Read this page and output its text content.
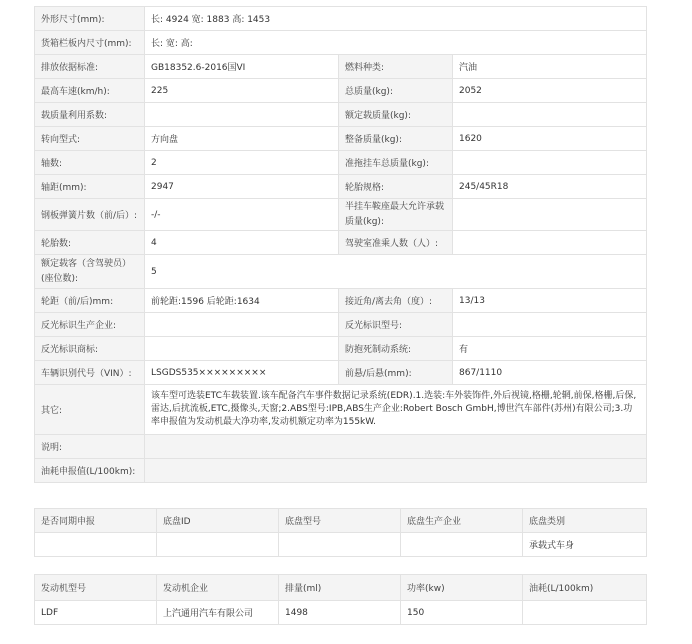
外形尺寸(mm):	长: 4924 宽: 1883 高: 1453		
货箱栏板内尺寸(mm):	长: 宽: 高:		
排放依据标准:	GB18352.6-2016国VI	燃料种类:	汽油
最高车速(km/h):	225	总质量(kg):	2052
载质量利用系数:		额定载质量(kg):	
转向型式:	方向盘	整备质量(kg):	1620
轴数:	2	准拖挂车总质量(kg):	
轴距(mm):	2947	轮胎规格:	245/45R18
钢板弹簧片数（前/后）:	-/-	半挂车鞍座最大允许承载质量(kg):	
轮胎数:	4	驾驶室准乘人数（人）:	
额定载客（含驾驶员）(座位数):	5		
轮距（前/后)mm:	前轮距:1596 后轮距:1634	接近角/离去角（度）:	13/13
反光标识生产企业:		反光标识型号:	
反光标识商标:		防抱死制动系统:	有
车辆识别代号（VIN）:	LSGDS535×××××××××	前悬/后悬(mm):	867/1110
其它:	该车型可选装ETC车载装置.该车配备汽车事件数据记录系统(EDR).1.选装:车外装饰件,外后视镜,格栅,轮辋,前保,格栅,后保,雷达,后扰流板,ETC,摄像头,天窗;2.ABS型号:IPB,ABS生产企业:Robert Bosch GmbH,博世汽车部件(苏州)有限公司;3.功率申报值为发动机最大净功率,发动机额定功率为155kW.		
说明:			
油耗申报值(L/100km):			
是否同期申报	底盘ID	底盘型号	底盘生产企业	底盘类别
				承载式车身
发动机型号	发动机企业	排量(ml)	功率(kw)	油耗(L/100km)
LDF	上汽通用汽车有限公司	1498	150	
